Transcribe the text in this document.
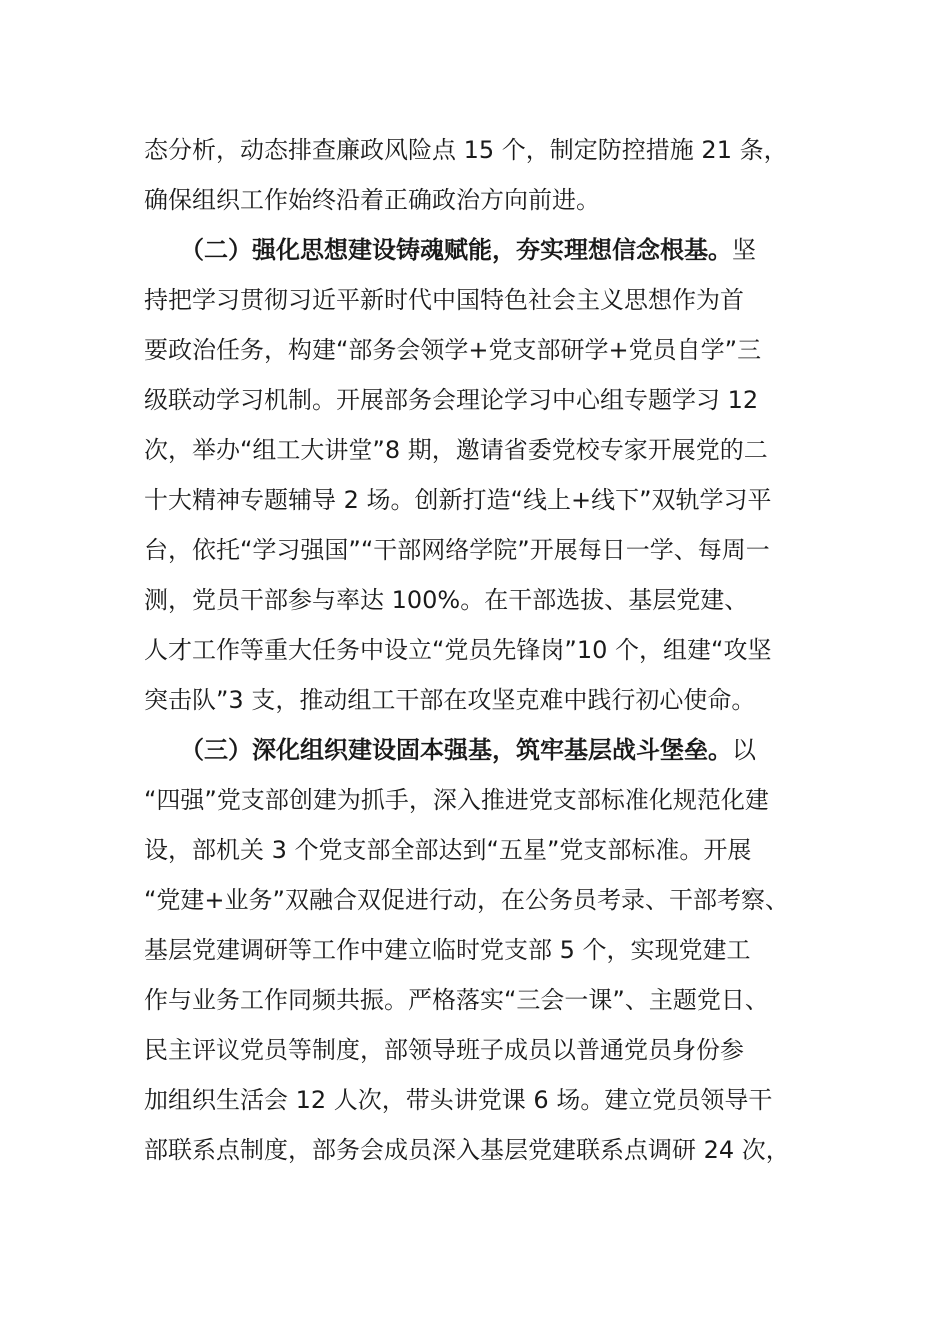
态分析，动态排查廉政风险点 15 个，制定防控措施 21 条，
确保组织工作始终沿着正确政治方向前进。
（二）强化思想建设铸魂赋能，夯实理想信念根基。坚
持把学习贯彻习近平新时代中国特色社会主义思想作为首
要政治任务，构建“部务会领学+党支部研学+党员自学”三
级联动学习机制。开展部务会理论学习中心组专题学习 12
次，举办“组工大讲堂”8 期，邀请省委党校专家开展党的二
十大精神专题辅导 2 场。创新打造“线上+线下”双轨学习平
台，依托“学习强国”“干部网络学院”开展每日一学、每周一
测，党员干部参与率达 100%。在干部选拔、基层党建、
人才工作等重大任务中设立“党员先锋岗”10 个，组建“攻坚
突击队”3 支，推动组工干部在攻坚克难中践行初心使命。
（三）深化组织建设固本强基，筑牢基层战斗堡垒。以
“四强”党支部创建为抓手，深入推进党支部标准化规范化建
设，部机关 3 个党支部全部达到“五星”党支部标准。开展
“党建+业务”双融合双促进行动，在公务员考录、干部考察、
基层党建调研等工作中建立临时党支部 5 个，实现党建工
作与业务工作同频共振。严格落实“三会一课”、主题党日、
民主评议党员等制度，部领导班子成员以普通党员身份参
加组织生活会 12 人次，带头讲党课 6 场。建立党员领导干
部联系点制度，部务会成员深入基层党建联系点调研 24 次，
